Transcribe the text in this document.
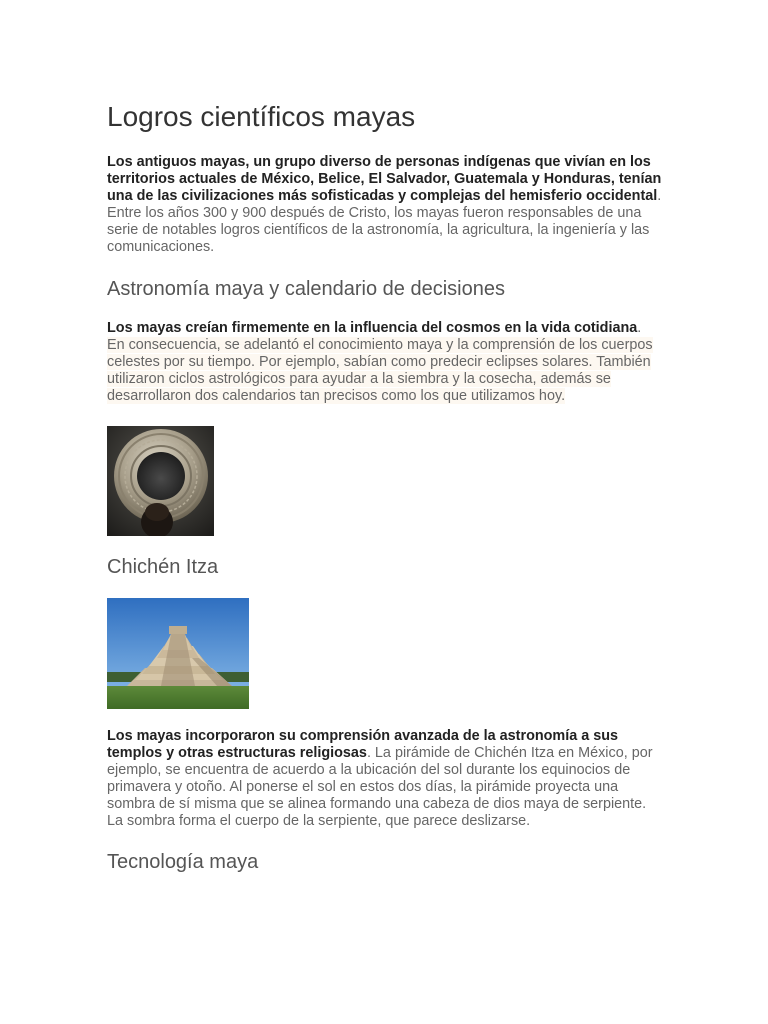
Logros científicos mayas

Los antiguos mayas, un grupo diverso de personas indígenas que vivían en los territorios actuales de México, Belice, El Salvador, Guatemala y Honduras, tenían una de las civilizaciones más sofisticadas y complejas del hemisferio occidental. Entre los años 300 y 900 después de Cristo, los mayas fueron responsables de una serie de notables logros científicos de la astronomía, la agricultura, la ingeniería y las comunicaciones.

Astronomía maya y calendario de decisiones

Los mayas creían firmemente en la influencia del cosmos en la vida cotidiana.
En consecuencia, se adelantó el conocimiento maya y la comprensión de los cuerpos celestes por su tiempo. Por ejemplo, sabían como predecir eclipses solares. También utilizaron ciclos astrológicos para ayudar a la siembra y la cosecha, además se desarrollaron dos calendarios tan precisos como los que utilizamos hoy.

Chichén Itza

Los mayas incorporaron su comprensión avanzada de la astronomía a sus templos y otras estructuras religiosas. La pirámide de Chichén Itza en México, por ejemplo, se encuentra de acuerdo a la ubicación del sol durante los equinocios de primavera y otoño. Al ponerse el sol en estos dos días, la pirámide proyecta una sombra de sí misma que se alinea formando una cabeza de dios maya de serpiente. La sombra forma el cuerpo de la serpiente, que parece deslizarse.

Tecnología maya
